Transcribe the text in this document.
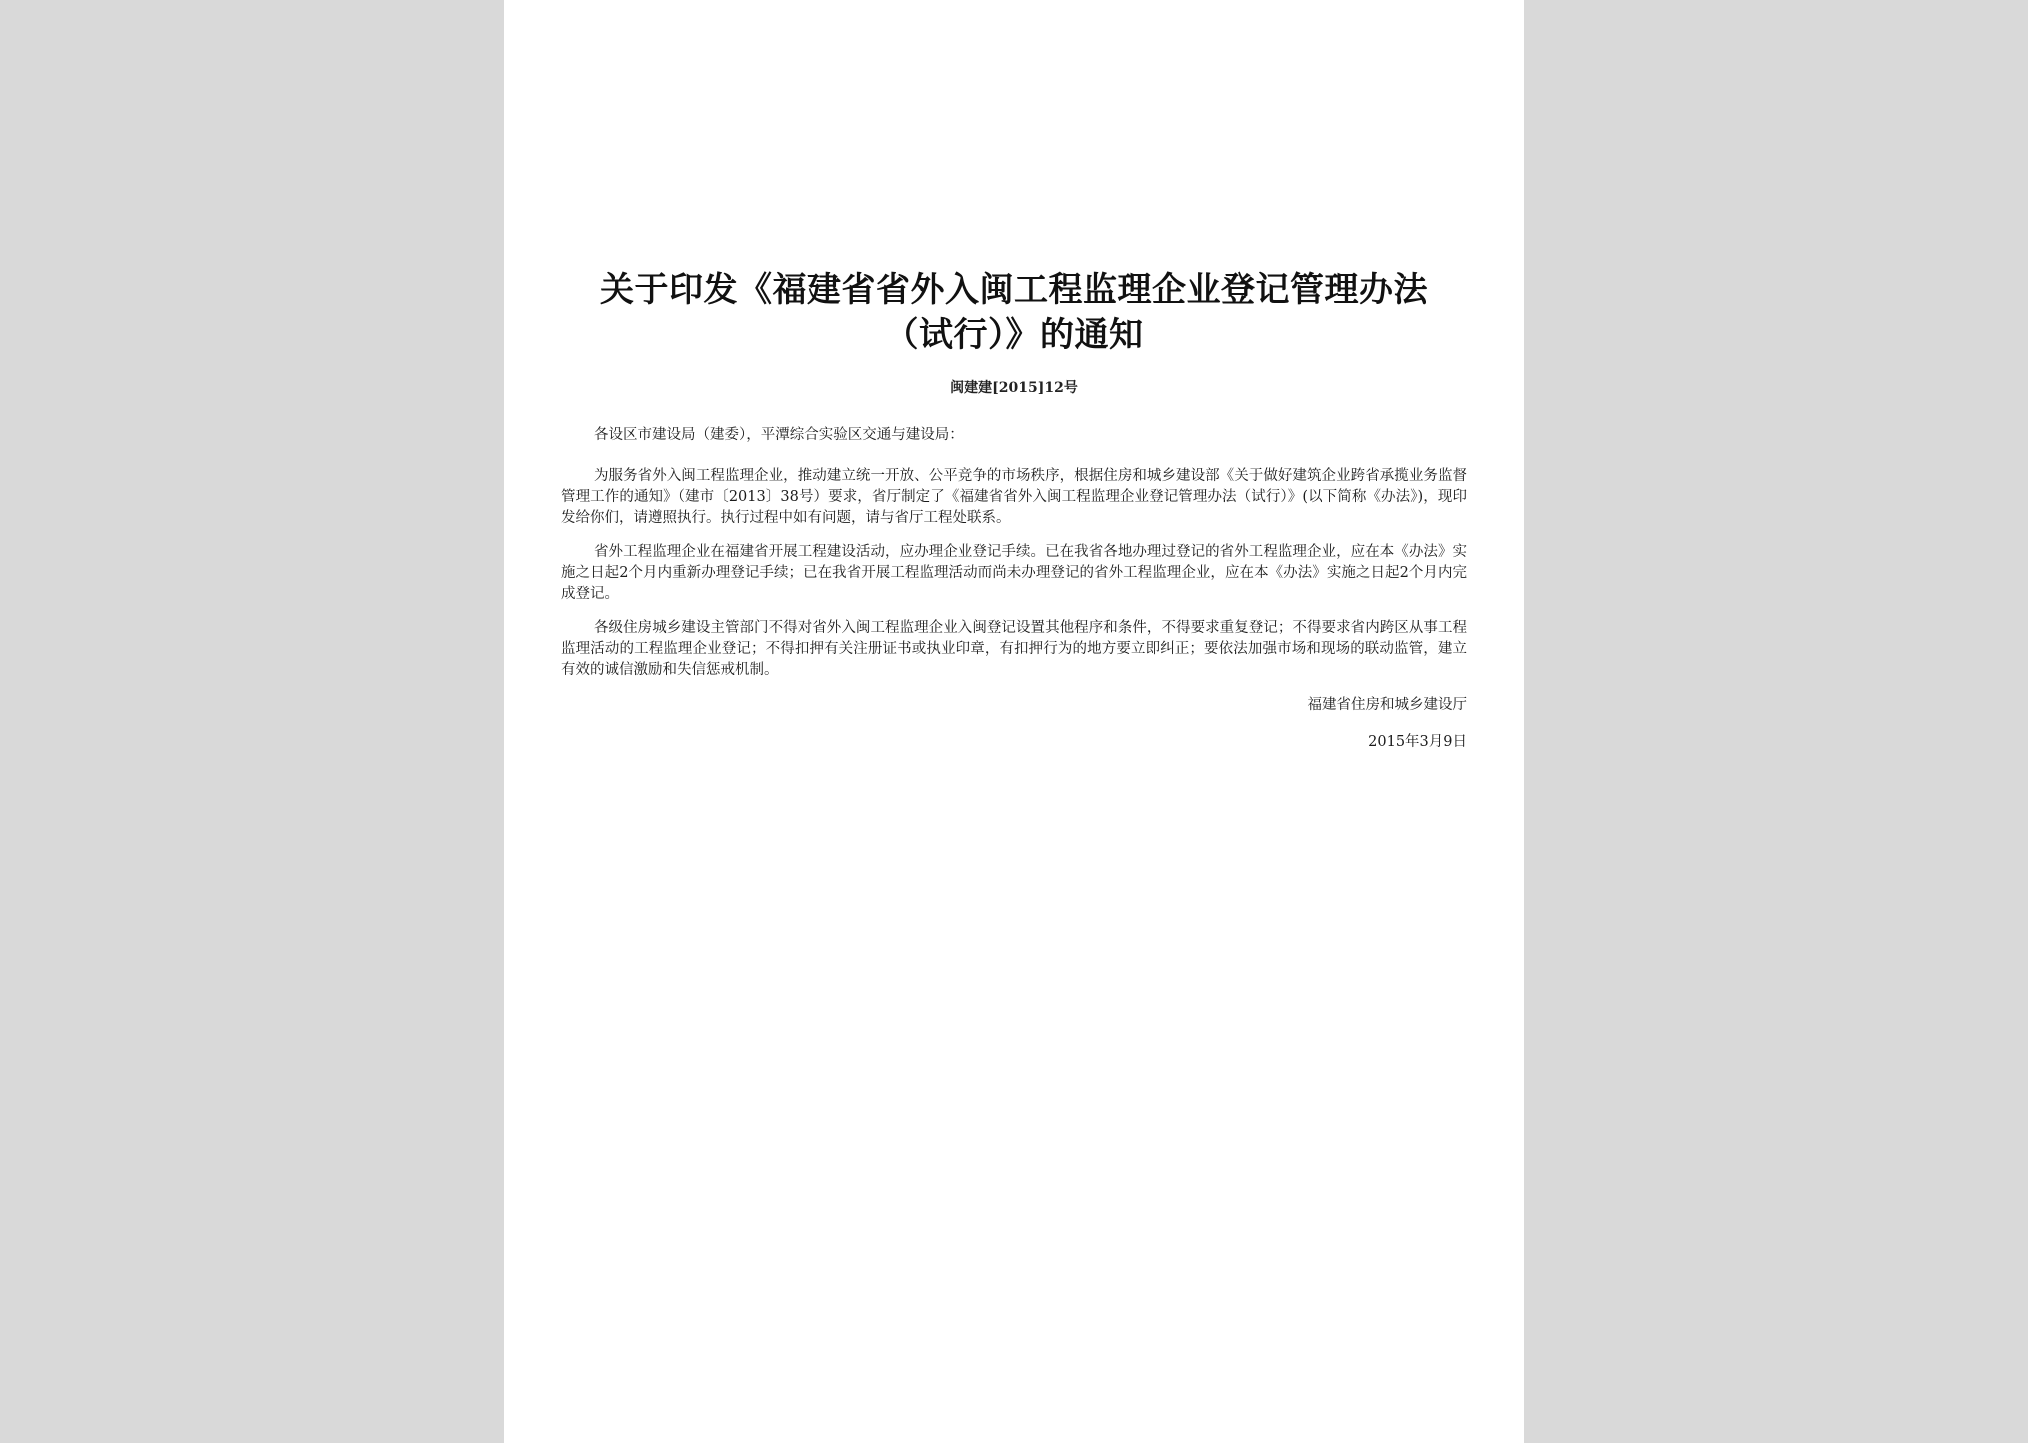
关于印发《福建省省外入闽工程监理企业登记管理办法
（试行）》的通知
闽建建[2015]12号

各设区市建设局（建委），平潭综合实验区交通与建设局：

为服务省外入闽工程监理企业，推动建立统一开放、公平竞争的市场秩序，根据住房和城乡建设部《关于做好建筑企业跨省承揽业务监督管理工作的通知》（建市〔2013〕38号）要求，省厅制定了《福建省省外入闽工程监理企业登记管理办法（试行）》(以下简称《办法》)，现印发给你们，请遵照执行。执行过程中如有问题，请与省厅工程处联系。

省外工程监理企业在福建省开展工程建设活动，应办理企业登记手续。已在我省各地办理过登记的省外工程监理企业，应在本《办法》实施之日起2个月内重新办理登记手续；已在我省开展工程监理活动而尚未办理登记的省外工程监理企业，应在本《办法》实施之日起2个月内完成登记。

各级住房城乡建设主管部门不得对省外入闽工程监理企业入闽登记设置其他程序和条件，不得要求重复登记；不得要求省内跨区从事工程监理活动的工程监理企业登记；不得扣押有关注册证书或执业印章，有扣押行为的地方要立即纠正；要依法加强市场和现场的联动监管，建立有效的诚信激励和失信惩戒机制。

福建省住房和城乡建设厅
2015年3月9日
